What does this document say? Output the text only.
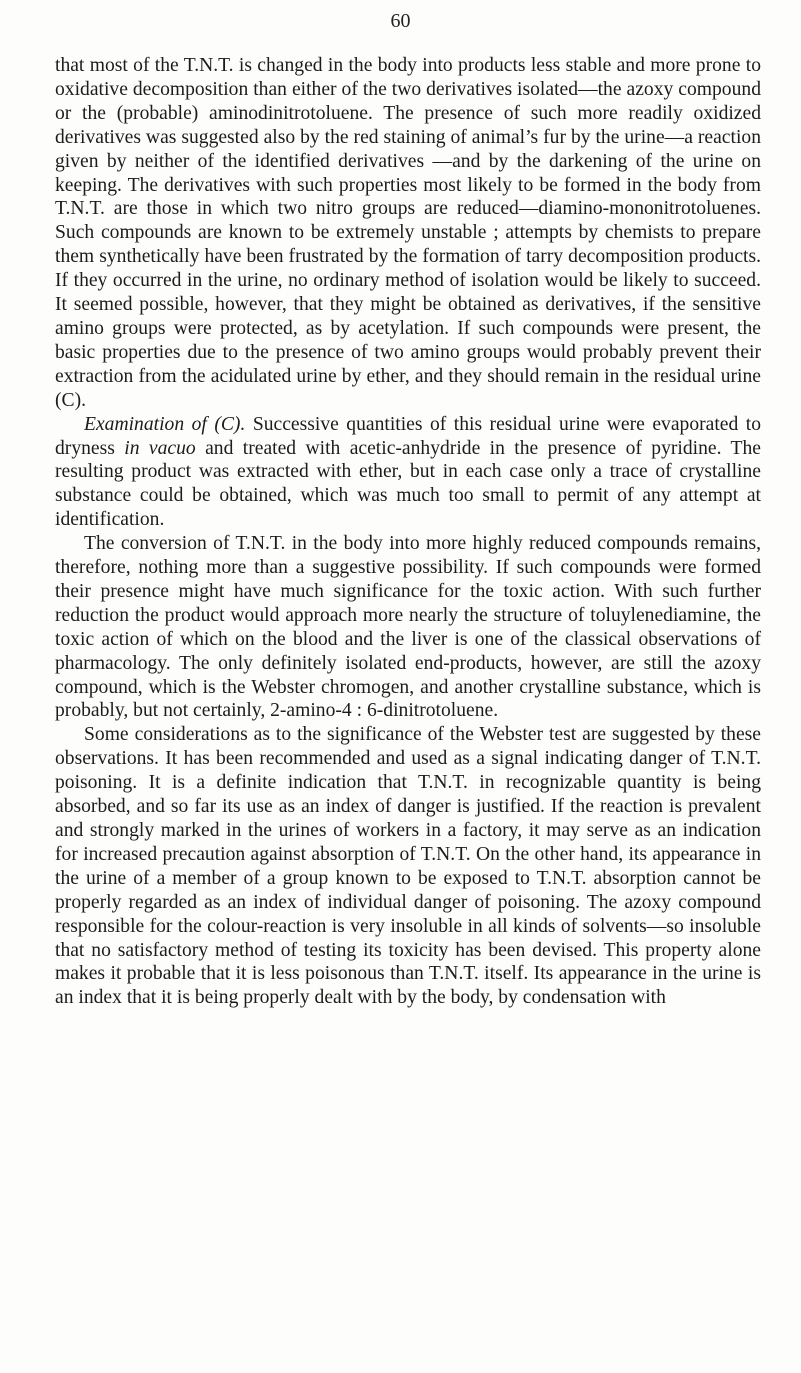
60

that most of the T.N.T. is changed in the body into products less stable and more prone to oxidative decomposition than either of the two derivatives isolated—the azoxy compound or the (probable) aminodinitrotoluene. The presence of such more readily oxidized derivatives was suggested also by the red staining of animal’s fur by the urine—a reaction given by neither of the identified derivatives —and by the darkening of the urine on keeping. The derivatives with such properties most likely to be formed in the body from T.N.T. are those in which two nitro groups are reduced—diamino-mononitrotoluenes. Such compounds are known to be extremely unstable ; attempts by chemists to prepare them synthetically have been frustrated by the formation of tarry decomposition products. If they occurred in the urine, no ordinary method of isolation would be likely to succeed. It seemed possible, however, that they might be obtained as derivatives, if the sensitive amino groups were protected, as by acetylation. If such compounds were present, the basic properties due to the presence of two amino groups would probably prevent their extraction from the acidulated urine by ether, and they should remain in the residual urine (C).

Examination of (C). Successive quantities of this residual urine were evaporated to dryness in vacuo and treated with acetic-anhydride in the presence of pyridine. The resulting product was extracted with ether, but in each case only a trace of crystalline substance could be obtained, which was much too small to permit of any attempt at identification.

The conversion of T.N.T. in the body into more highly reduced compounds remains, therefore, nothing more than a suggestive possibility. If such compounds were formed their presence might have much significance for the toxic action. With such further reduction the product would approach more nearly the structure of toluylenediamine, the toxic action of which on the blood and the liver is one of the classical observations of pharmacology. The only definitely isolated end-products, however, are still the azoxy compound, which is the Webster chromogen, and another crystalline substance, which is probably, but not certainly, 2-amino-4 : 6-dinitrotoluene.

Some considerations as to the significance of the Webster test are suggested by these observations. It has been recommended and used as a signal indicating danger of T.N.T. poisoning. It is a definite indication that T.N.T. in recognizable quantity is being absorbed, and so far its use as an index of danger is justified. If the reaction is prevalent and strongly marked in the urines of workers in a factory, it may serve as an indication for increased precaution against absorption of T.N.T. On the other hand, its appearance in the urine of a member of a group known to be exposed to T.N.T. absorption cannot be properly regarded as an index of individual danger of poisoning. The azoxy compound responsible for the colour-reaction is very insoluble in all kinds of solvents—so insoluble that no satisfactory method of testing its toxicity has been devised. This property alone makes it probable that it is less poisonous than T.N.T. itself. Its appearance in the urine is an index that it is being properly dealt with by the body, by condensation with
